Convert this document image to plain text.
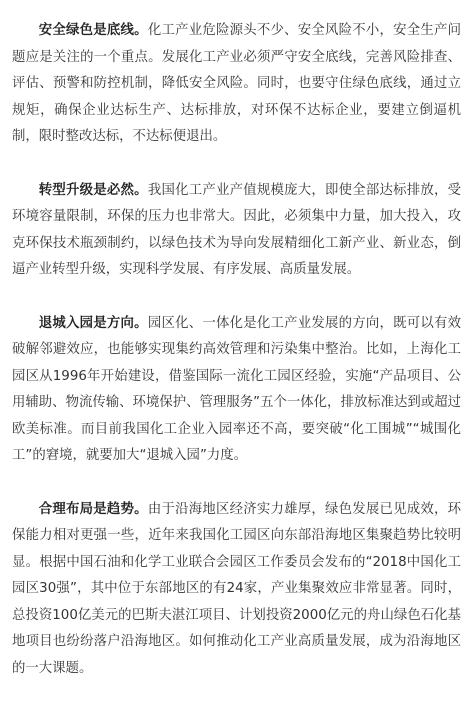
安全绿色是底线。化工产业危险源头不少、安全风险不小，安全生产问题应是关注的一个重点。发展化工产业必须严守安全底线，完善风险排查、评估、预警和防控机制，降低安全风险。同时，也要守住绿色底线，通过立规矩，确保企业达标生产、达标排放，对环保不达标企业，要建立倒逼机制，限时整改达标，不达标便退出。

转型升级是必然。我国化工产业产值规模庞大，即使全部达标排放，受环境容量限制，环保的压力也非常大。因此，必须集中力量，加大投入，攻克环保技术瓶颈制约，以绿色技术为导向发展精细化工新产业、新业态，倒逼产业转型升级，实现科学发展、有序发展、高质量发展。

退城入园是方向。园区化、一体化是化工产业发展的方向，既可以有效破解邻避效应，也能够实现集约高效管理和污染集中整治。比如，上海化工园区从1996年开始建设，借鉴国际一流化工园区经验，实施“产品项目、公用辅助、物流传输、环境保护、管理服务”五个一体化，排放标准达到或超过欧美标准。而目前我国化工企业入园率还不高，要突破“化工围城”“城围化工”的窘境，就要加大“退城入园”力度。

合理布局是趋势。由于沿海地区经济实力雄厚，绿色发展已见成效，环保能力相对更强一些，近年来我国化工园区向东部沿海地区集聚趋势比较明显。根据中国石油和化学工业联合会园区工作委员会发布的“2018中国化工园区30强”，其中位于东部地区的有24家，产业集聚效应非常显著。同时，总投资100亿美元的巴斯夫湛江项目、计划投资2000亿元的舟山绿色石化基地项目也纷纷落户沿海地区。如何推动化工产业高质量发展，成为沿海地区的一大课题。
